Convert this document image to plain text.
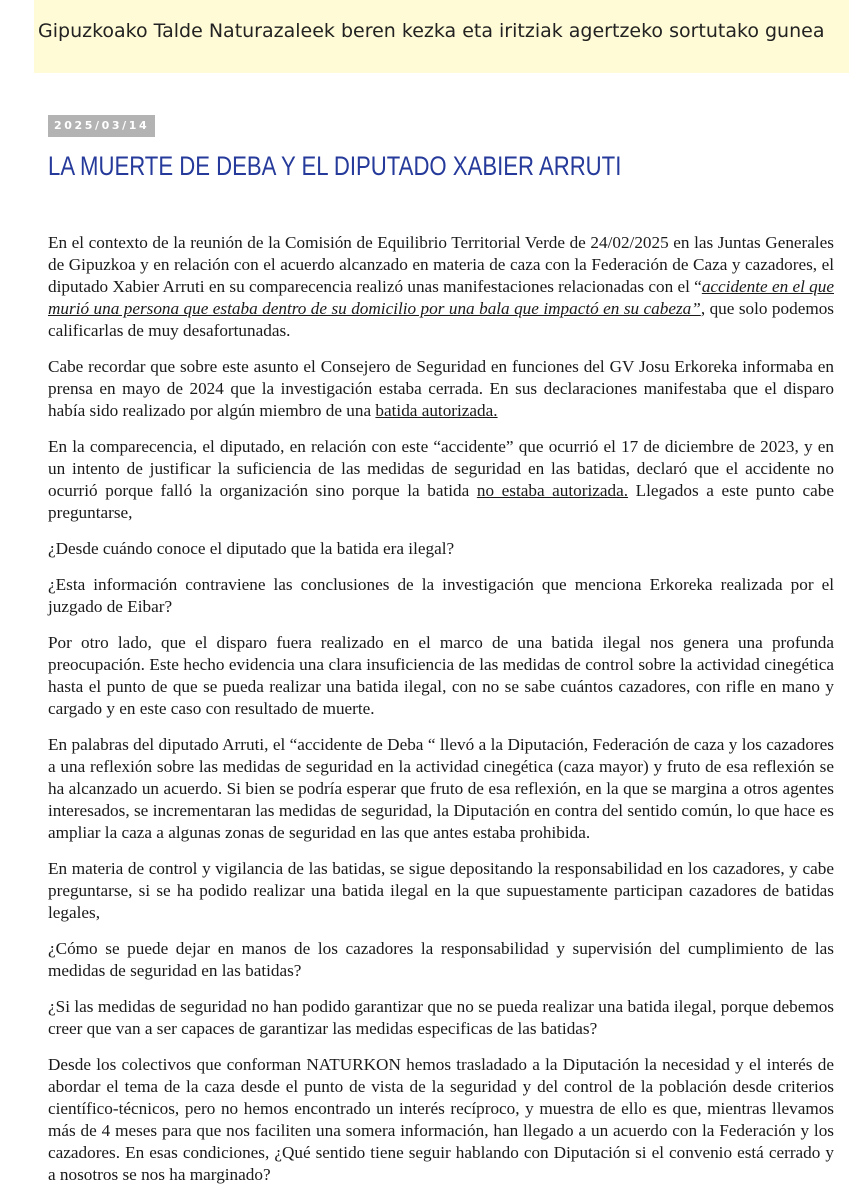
Gipuzkoako Talde Naturazaleek beren kezka eta iritziak agertzeko sortutako gunea
2025/03/14
LA MUERTE DE DEBA Y EL DIPUTADO XABIER ARRUTI

En el contexto de la reunión de la Comisión de Equilibrio Territorial Verde de 24/02/2025 en las Juntas Generales de Gipuzkoa y en relación con el acuerdo alcanzado en materia de caza con la Federación de Caza y cazadores, el diputado Xabier Arruti en su comparecencia realizó unas manifestaciones relacionadas con el “accidente en el que murió una persona que estaba dentro de su domicilio por una bala que impactó en su cabeza”, que solo podemos calificarlas de muy desafortunadas.

Cabe recordar que sobre este asunto el Consejero de Seguridad en funciones del GV Josu Erkoreka informaba en prensa en mayo de 2024 que la investigación estaba cerrada. En sus declaraciones manifestaba que el disparo había sido realizado por algún miembro de una batida autorizada.

En la comparecencia, el diputado, en relación con este “accidente” que ocurrió el 17 de diciembre de 2023, y en un intento de justificar la suficiencia de las medidas de seguridad en las batidas, declaró que el accidente no ocurrió porque falló la organización sino porque la batida no estaba autorizada. Llegados a este punto cabe preguntarse,

¿Desde cuándo conoce el diputado que la batida era ilegal?

¿Esta información contraviene las conclusiones de la investigación que menciona Erkoreka realizada por el juzgado de Eibar?

Por otro lado, que el disparo fuera realizado en el marco de una batida ilegal nos genera una profunda preocupación. Este hecho evidencia una clara insuficiencia de las medidas de control sobre la actividad cinegética hasta el punto de que se pueda realizar una batida ilegal, con no se sabe cuántos cazadores, con rifle en mano y cargado y en este caso con resultado de muerte.

En palabras del diputado Arruti, el “accidente de Deba “ llevó a la Diputación, Federación de caza y los cazadores a una reflexión sobre las medidas de seguridad en la actividad cinegética (caza mayor) y fruto de esa reflexión se ha alcanzado un acuerdo. Si bien se podría esperar que fruto de esa reflexión, en la que se margina a otros agentes interesados, se incrementaran las medidas de seguridad, la Diputación en contra del sentido común, lo que hace es ampliar la caza a algunas zonas de seguridad en las que antes estaba prohibida.

En materia de control y vigilancia de las batidas, se sigue depositando la responsabilidad en los cazadores, y cabe preguntarse, si se ha podido realizar una batida ilegal en la que supuestamente participan cazadores de batidas legales,

¿Cómo se puede dejar en manos de los cazadores la responsabilidad y supervisión del cumplimiento de las medidas de seguridad en las batidas?

¿Si las medidas de seguridad no han podido garantizar que no se pueda realizar una batida ilegal, porque debemos creer que van a ser capaces de garantizar las medidas especificas de las batidas?

Desde los colectivos que conforman NATURKON hemos trasladado a la Diputación la necesidad y el interés de abordar el tema de la caza desde el punto de vista de la seguridad y del control de la población desde criterios científico-técnicos, pero no hemos encontrado un interés recíproco, y muestra de ello es que, mientras llevamos más de 4 meses para que nos faciliten una somera información, han llegado a un acuerdo con la Federación y los cazadores. En esas condiciones, ¿Qué sentido tiene seguir hablando con Diputación si el convenio está cerrado y a nosotros se nos ha marginado?
